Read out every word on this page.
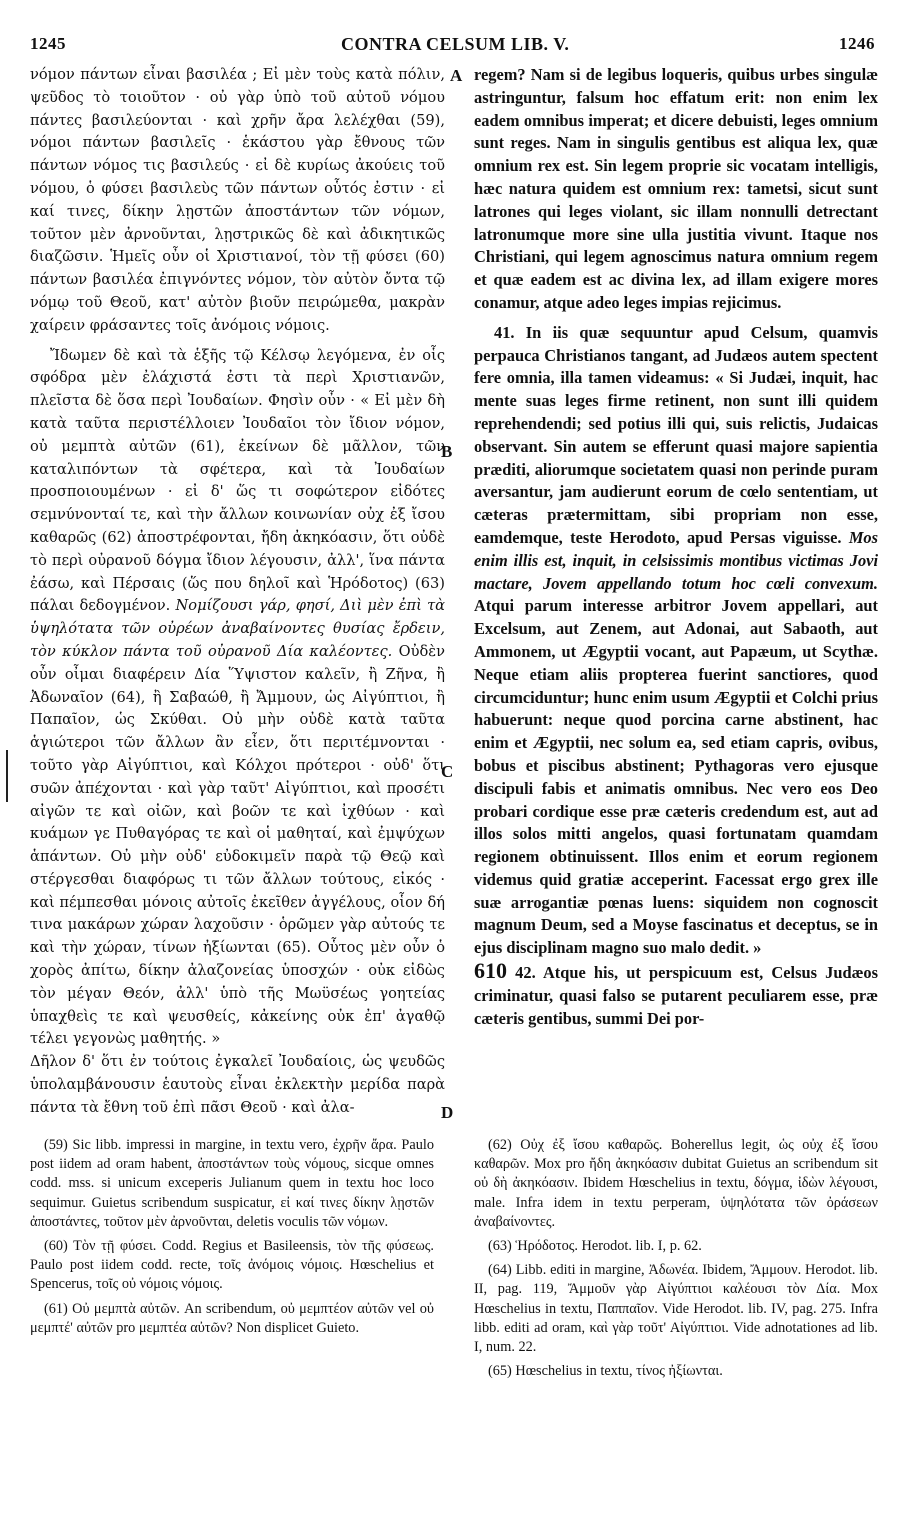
1245	CONTRA CELSUM LIB. V.	1246
A
B
C
D

νόμον πάντων εἶναι βασιλέα ; Εἰ μὲν τοὺς κατὰ πόλιν, ψεῦδος τὸ τοιοῦτον · οὐ γὰρ ὑπὸ τοῦ αὐτοῦ νόμου πάντες βασιλεύονται · καὶ χρῆν ἄρα λελέχθαι (59), νόμοι πάντων βασιλεῖς · ἑκάστου γὰρ ἔθνους τῶν πάντων νόμος τις βασιλεύς · εἰ δὲ κυρίως ἀκούεις τοῦ νόμου, ὁ φύσει βασιλεὺς τῶν πάντων οὗτός ἐστιν · εἰ καί τινες, δίκην λῃστῶν ἀποστάντων τῶν νόμων, τοῦτον μὲν ἀρνοῦνται, λῃστρικῶς δὲ καὶ ἀδικητικῶς διαζῶσιν. Ἡμεῖς οὖν οἱ Χριστιανοί, τὸν τῇ φύσει (60) πάντων βασιλέα ἐπιγνόντες νόμον, τὸν αὐτὸν ὄντα τῷ νόμῳ τοῦ Θεοῦ, κατ' αὐτὸν βιοῦν πειρώμεθα, μακρὰν χαίρειν φράσαντες τοῖς ἀνόμοις νόμοις.

Ἴδωμεν δὲ καὶ τὰ ἑξῆς τῷ Κέλσῳ λεγόμενα, ἐν οἷς σφόδρα μὲν ἐλάχιστά ἐστι τὰ περὶ Χριστιανῶν, πλεῖστα δὲ ὅσα περὶ Ἰουδαίων. Φησὶν οὖν · « Εἰ μὲν δὴ κατὰ ταῦτα περιστέλλοιεν Ἰουδαῖοι τὸν ἴδιον νόμον, οὐ μεμπτὰ αὐτῶν (61), ἐκείνων δὲ μᾶλλον, τῶν καταλιπόντων τὰ σφέτερα, καὶ τὰ Ἰουδαίων προσποιουμένων · εἰ δ' ὥς τι σοφώτερον εἰδότες σεμνύνονταί τε, καὶ τὴν ἄλλων κοινωνίαν οὐχ ἐξ ἴσου καθαρῶς (62) ἀποστρέφονται, ἤδη ἀκηκόασιν, ὅτι οὐδὲ τὸ περὶ οὐρανοῦ δόγμα ἴδιον λέγουσιν, ἀλλ', ἵνα πάντα ἐάσω, καὶ Πέρσαις (ὥς που δηλοῖ καὶ Ἡρόδοτος) (63) πάλαι δεδογμένον. Νομίζουσι γάρ, φησί, Διὶ μὲν ἐπὶ τὰ ὑψηλότατα τῶν οὐρέων ἀναβαίνοντες θυσίας ἔρδειν, τὸν κύκλον πάντα τοῦ οὐρανοῦ Δία καλέοντες. Οὐδὲν οὖν οἶμαι διαφέρειν Δία Ὕψιστον καλεῖν, ἢ Ζῆνα, ἢ Ἀδωναῖον (64), ἢ Σαβαώθ, ἢ Ἄμμουν, ὡς Αἰγύπτιοι, ἢ Παπαῖον, ὡς Σκύθαι. Οὐ μὴν οὐδὲ κατὰ ταῦτα ἁγιώτεροι τῶν ἄλλων ἂν εἶεν, ὅτι περιτέμνονται · τοῦτο γὰρ Αἰγύπτιοι, καὶ Κόλχοι πρότεροι · οὐδ' ὅτι συῶν ἀπέχονται · καὶ γὰρ ταῦτ' Αἰγύπτιοι, καὶ προσέτι αἰγῶν τε καὶ οἰῶν, καὶ βοῶν τε καὶ ἰχθύων · καὶ κυάμων γε Πυθαγόρας τε καὶ οἱ μαθηταί, καὶ ἐμψύχων ἁπάντων. Οὐ μὴν οὐδ' εὐδοκιμεῖν παρὰ τῷ Θεῷ καὶ στέργεσθαι διαφόρως τι τῶν ἄλλων τούτους, εἰκός · καὶ πέμπεσθαι μόνοις αὐτοῖς ἐκεῖθεν ἀγγέλους, οἷον δή τινα μακάρων χώραν λαχοῦσιν · ὁρῶμεν γὰρ αὐτούς τε καὶ τὴν χώραν, τίνων ἠξίωνται (65). Οὗτος μὲν οὖν ὁ χορὸς ἀπίτω, δίκην ἀλαζονείας ὑποσχών · οὐκ εἰδὼς τὸν μέγαν Θεόν, ἀλλ' ὑπὸ τῆς Μωϋσέως γοητείας ὑπαχθεὶς τε καὶ ψευσθείς, κἀκείνης οὐκ ἐπ' ἀγαθῷ τέλει γεγονὼς μαθητής. »

Δῆλον δ' ὅτι ἐν τούτοις ἐγκαλεῖ Ἰουδαίοις, ὡς ψευδῶς ὑπολαμβάνουσιν ἑαυτοὺς εἶναι ἐκλεκτὴν μερίδα παρὰ πάντα τὰ ἔθνη τοῦ ἐπὶ πᾶσι Θεοῦ · καὶ ἀλα-

regem? Nam si de legibus loqueris, quibus urbes singulæ astringuntur, falsum hoc effatum erit: non enim lex eadem omnibus imperat; et dicere debuisti, leges omnium sunt reges. Nam in singulis gentibus est aliqua lex, quæ omnium rex est. Sin legem proprie sic vocatam intelligis, hæc natura quidem est omnium rex: tametsi, sicut sunt latrones qui leges violant, sic illam nonnulli detrectant latronumque more sine ulla justitia vivunt. Itaque nos Christiani, qui legem agnoscimus natura omnium regem et quæ eadem est ac divina lex, ad illam exigere mores conamur, atque adeo leges impias rejicimus.

41. In iis quæ sequuntur apud Celsum, quamvis perpauca Christianos tangant, ad Judæos autem spectent fere omnia, illa tamen videamus: « Si Judæi, inquit, hac mente suas leges firme retinent, non sunt illi quidem reprehendendi; sed potius illi qui, suis relictis, Judaicas observant. Sin autem se efferunt quasi majore sapientia præditi, aliorumque societatem quasi non perinde puram aversantur, jam audierunt eorum de cœlo sententiam, ut cæteras prætermittam, sibi propriam non esse, eamdemque, teste Herodoto, apud Persas viguisse. Mos enim illis est, inquit, in celsissimis montibus victimas Jovi mactare, Jovem appellando totum hoc cœli convexum. Atqui parum interesse arbitror Jovem appellari, aut Excelsum, aut Zenem, aut Adonai, aut Sabaoth, aut Ammonem, ut Ægyptii vocant, aut Papæum, ut Scythæ. Neque etiam aliis propterea fuerint sanctiores, quod circumciduntur; hunc enim usum Ægyptii et Colchi prius habuerunt: neque quod porcina carne abstinent, hac enim et Ægyptii, nec solum ea, sed etiam capris, ovibus, bobus et piscibus abstinent; Pythagoras vero ejusque discipuli fabis et animatis omnibus. Nec vero eos Deo probari cordique esse præ cæteris credendum est, aut ad illos solos mitti angelos, quasi fortunatam quamdam regionem obtinuissent. Illos enim et eorum regionem videmus quid gratiæ acceperint. Facessat ergo grex ille suæ arrogantiæ pœnas luens: siquidem non cognoscit magnum Deum, sed a Moyse fascinatus et deceptus, se in ejus disciplinam magno suo malo dedit. »

610 42. Atque his, ut perspicuum est, Celsus Judæos criminatur, quasi falso se putarent peculiarem esse, præ cæteris gentibus, summi Dei por-

(59) Sic libb. impressi in margine, in textu vero, ἐχρῆν ἄρα. Paulo post iidem ad oram habent, ἀποστάντων τοὺς νόμους, sicque omnes codd. mss. si unicum exceperis Julianum quem in textu hoc loco sequimur. Guietus scribendum suspicatur, εἰ καί τινες δίκην λῃστῶν ἀποστάντες, τοῦτον μὲν ἀρνοῦνται, deletis voculis τῶν νόμων.

(60) Τὸν τῇ φύσει. Codd. Regius et Basileensis, τὸν τῆς φύσεως. Paulo post iidem codd. recte, τοῖς ἀνόμοις νόμοις. Hœschelius et Spencerus, τοῖς οὐ νόμοις νόμοις.

(61) Οὐ μεμπτὰ αὐτῶν. An scribendum, οὐ μεμπτέον αὐτῶν vel οὐ μεμπτέ' αὐτῶν pro μεμπτέα αὐτῶν? Non displicet Guieto.

(62) Οὐχ ἐξ ἴσου καθαρῶς. Boherellus legit, ὡς οὐχ ἐξ ἴσου καθαρῶν. Mox pro ἤδη ἀκηκόασιν dubitat Guietus an scribendum sit οὐ δὴ ἀκηκόασιν. Ibidem Hœschelius in textu, δόγμα, ἰδὼν λέγουσι, male. Infra idem in textu perperam, ὑψηλότατα τῶν ὀράσεων ἀναβαίνοντες.

(63) Ἡρόδοτος. Herodot. lib. I, p. 62.

(64) Libb. editi in margine, Ἀδωνέα. Ibidem, Ἄμμουν. Herodot. lib. II, pag. 119, Ἄμμοῦν γὰρ Αἰγύπτιοι καλέουσι τὸν Δία. Mox Hœschelius in textu, Παππαῖον. Vide Herodot. lib. IV, pag. 275. Infra libb. editi ad oram, καὶ γὰρ τοῦτ' Αἰγύπτιοι. Vide adnotationes ad lib. I, num. 22.

(65) Hœschelius in textu, τίνος ἠξίωνται.
